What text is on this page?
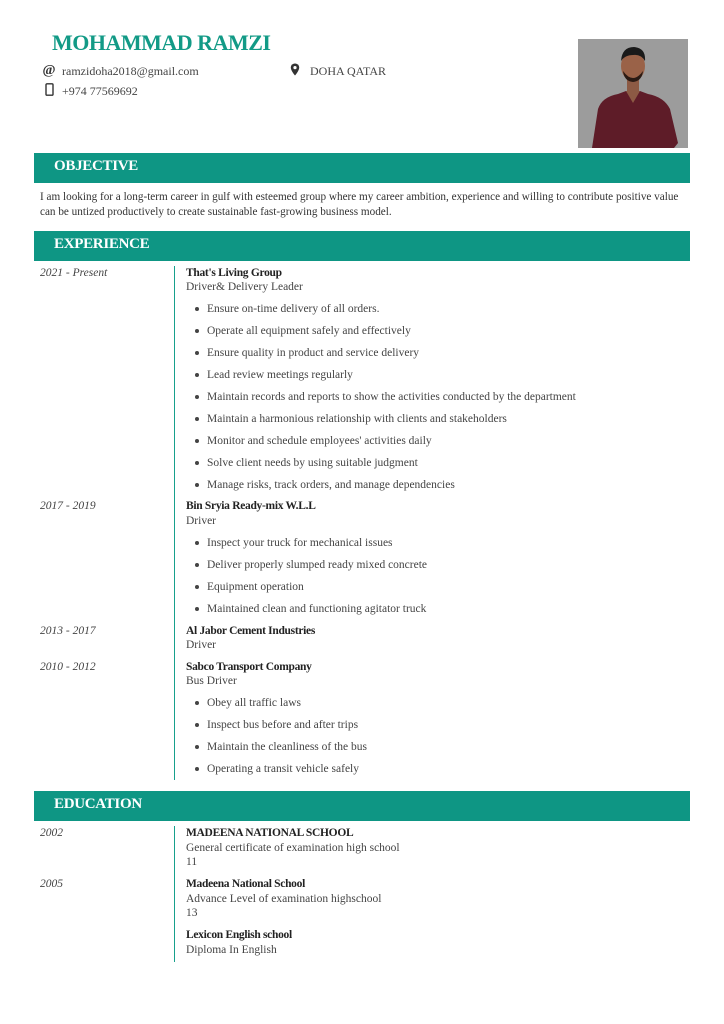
MOHAMMAD RAMZI
@ ramzidoha2018@gmail.com
+974 77569692
DOHA QATAR
OBJECTIVE
I am looking for a long-term career in gulf with esteemed group where my career ambition, experience and willing to contribute positive value can be untized productively to create sustainable fast-growing business model.
EXPERIENCE
2021 - Present	That's Living Group
Driver& Delivery Leader
Ensure on-time delivery of all orders.
Operate all equipment safely and effectively
Ensure quality in product and service delivery
Lead review meetings regularly
Maintain records and reports to show the activities conducted by the department
Maintain a harmonious relationship with clients and stakeholders
Monitor and schedule employees' activities daily
Solve client needs by using suitable judgment
Manage risks, track orders, and manage dependencies
2017 - 2019	Bin Sryia Ready-mix W.L.L
Driver
Inspect your truck for mechanical issues
Deliver properly slumped ready mixed concrete
Equipment operation
Maintained clean and functioning agitator truck
2013 - 2017	Al Jabor Cement Industries
Driver
2010 - 2012	Sabco Transport Company
Bus Driver
Obey all traffic laws
Inspect bus before and after trips
Maintain the cleanliness of the bus
Operating a transit vehicle safely
EDUCATION
2002	MADEENA NATIONAL SCHOOL
General certificate of examination high school
11
2005	Madeena National School
Advance Level of examination highschool
13
Lexicon English school
Diploma In English
